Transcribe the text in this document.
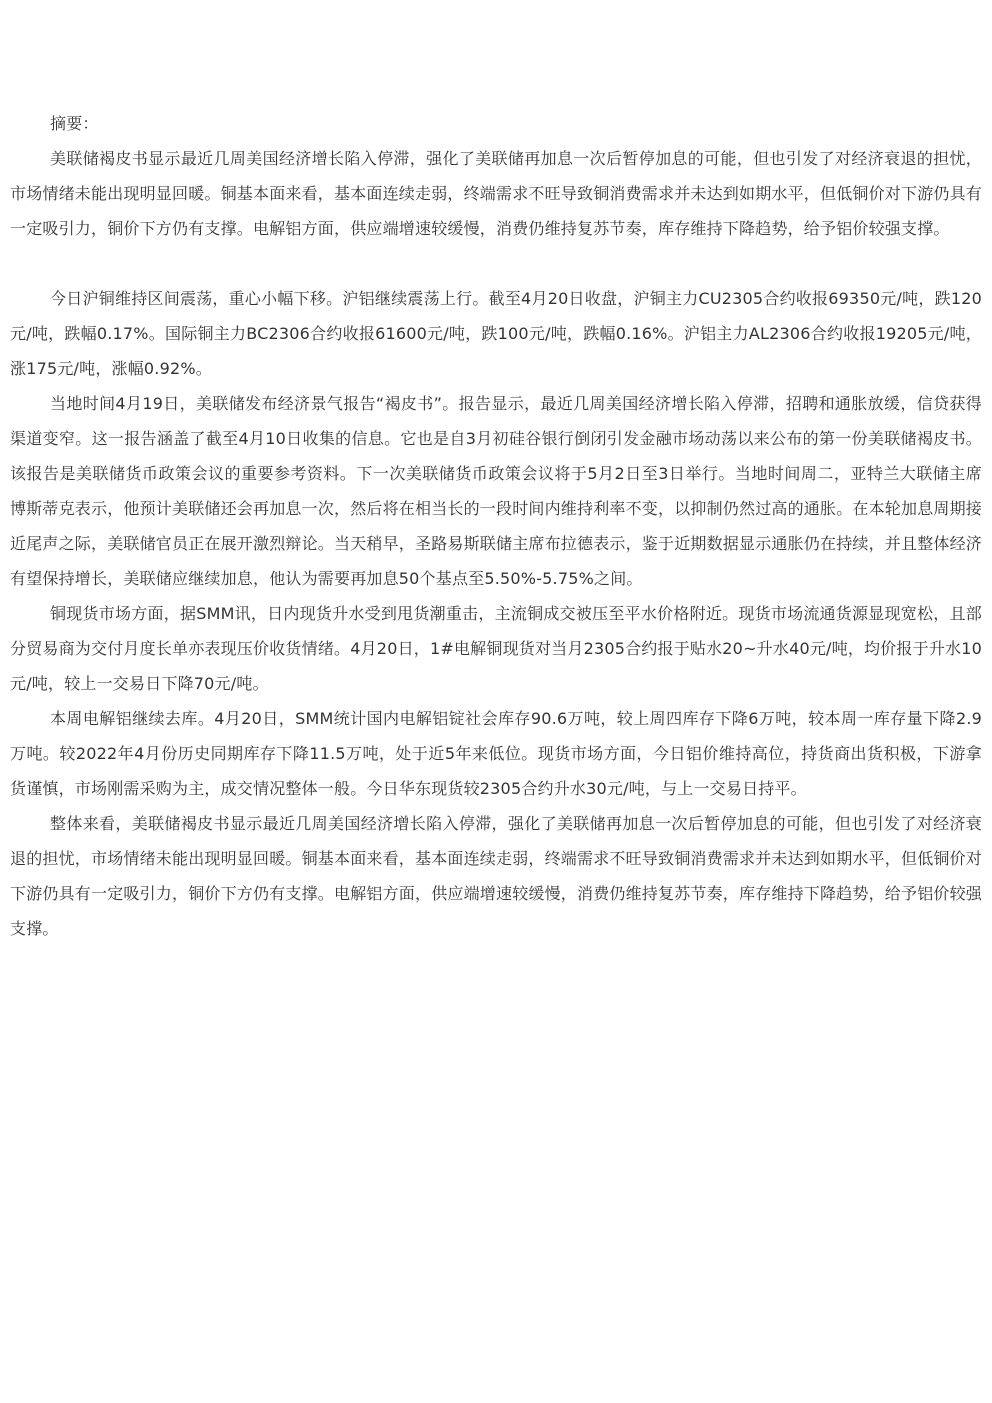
摘要：

美联储褐皮书显示最近几周美国经济增长陷入停滞，强化了美联储再加息一次后暂停加息的可能，但也引发了对经济衰退的担忧，市场情绪未能出现明显回暖。铜基本面来看，基本面连续走弱，终端需求不旺导致铜消费需求并未达到如期水平，但低铜价对下游仍具有一定吸引力，铜价下方仍有支撑。电解铝方面，供应端增速较缓慢，消费仍维持复苏节奏，库存维持下降趋势，给予铝价较强支撑。

今日沪铜维持区间震荡，重心小幅下移。沪铝继续震荡上行。截至4月20日收盘，沪铜主力CU2305合约收报69350元/吨，跌120元/吨，跌幅0.17%。国际铜主力BC2306合约收报61600元/吨，跌100元/吨，跌幅0.16%。沪铝主力AL2306合约收报19205元/吨，涨175元/吨，涨幅0.92%。

当地时间4月19日，美联储发布经济景气报告“褐皮书”。报告显示，最近几周美国经济增长陷入停滞，招聘和通胀放缓，信贷获得渠道变窄。这一报告涵盖了截至4月10日收集的信息。它也是自3月初硅谷银行倒闭引发金融市场动荡以来公布的第一份美联储褐皮书。该报告是美联储货币政策会议的重要参考资料。下一次美联储货币政策会议将于5月2日至3日举行。当地时间周二，亚特兰大联储主席 博斯蒂克表示，他预计美联储还会再加息一次，然后将在相当长的一段时间内维持利率不变，以抑制仍然过高的通胀。在本轮加息周期接近尾声之际，美联储官员正在展开激烈辩论。当天稍早，圣路易斯联储主席布拉德表示，鉴于近期数据显示通胀仍在持续，并且整体经济有望保持增长，美联储应继续加息，他认为需要再加息50个基点至5.50%-5.75%之间。

铜现货市场方面，据SMM讯，日内现货升水受到甩货潮重击，主流铜成交被压至平水价格附近。现货市场流通货源显现宽松，且部分贸易商为交付月度长单亦表现压价收货情绪。4月20日，1#电解铜现货对当月2305合约报于贴水20~升水40元/吨，均价报于升水10元/吨，较上一交易日下降70元/吨。

本周电解铝继续去库。4月20日，SMM统计国内电解铝锭社会库存90.6万吨，较上周四库存下降6万吨，较本周一库存量下降2.9万吨。较2022年4月份历史同期库存下降11.5万吨，处于近5年来低位。现货市场方面，今日铝价维持高位，持货商出货积极，下游拿货谨慎，市场刚需采购为主，成交情况整体一般。今日华东现货较2305合约升水30元/吨，与上一交易日持平。

整体来看，美联储褐皮书显示最近几周美国经济增长陷入停滞，强化了美联储再加息一次后暂停加息的可能，但也引发了对经济衰退的担忧，市场情绪未能出现明显回暖。铜基本面来看，基本面连续走弱，终端需求不旺导致铜消费需求并未达到如期水平，但低铜价对下游仍具有一定吸引力，铜价下方仍有支撑。电解铝方面，供应端增速较缓慢，消费仍维持复苏节奏，库存维持下降趋势，给予铝价较强支撑。
